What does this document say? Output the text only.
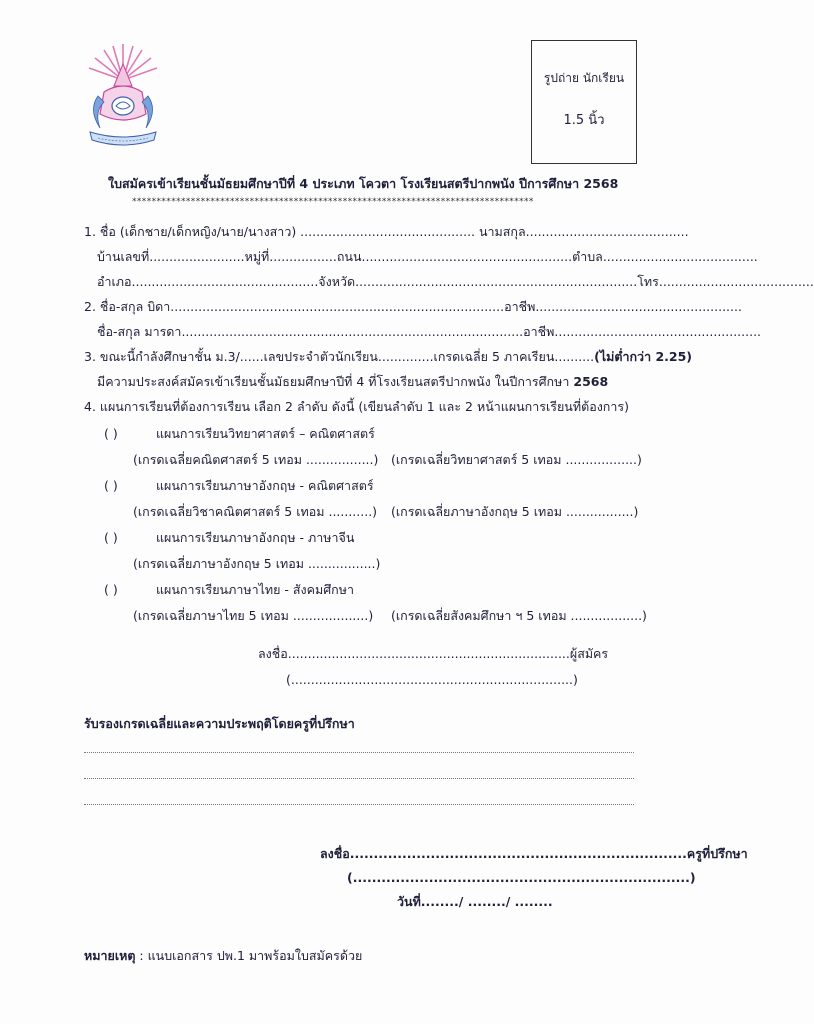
รูปถ่าย นักเรียน
1.5 นิ้ว
ใบสมัครเข้าเรียนชั้นมัธยมศึกษาปีที่ 4 ประเภท โควตา โรงเรียนสตรีปากพนัง ปีการศึกษา 2568
**********************************************************************************
1. ชื่อ (เด็กชาย/เด็กหญิง/นาย/นางสาว) ............................................ นามสกุล.........................................
บ้านเลขที่........................หมู่ที่.................ถนน.....................................................ตำบล.......................................
อำเภอ...............................................จังหวัด.......................................................................โทร.......................................
2. ชื่อ-สกุล บิดา....................................................................................อาชีพ....................................................
ชื่อ-สกุล มารดา......................................................................................อาชีพ....................................................
3. ขณะนี้กำลังศึกษาชั้น ม.3/......เลขประจำตัวนักเรียน..............เกรดเฉลี่ย 5 ภาคเรียน..........(ไม่ต่ำกว่า 2.25)
มีความประสงค์สมัครเข้าเรียนชั้นมัธยมศึกษาปีที่ 4 ที่โรงเรียนสตรีปากพนัง ในปีการศึกษา 2568
4. แผนการเรียนที่ต้องการเรียน เลือก 2 ลำดับ ดังนี้ (เขียนลำดับ 1 และ 2 หน้าแผนการเรียนที่ต้องการ)
( )	แผนการเรียนวิทยาศาสตร์ – คณิตศาสตร์
(เกรดเฉลี่ยคณิตศาสตร์ 5 เทอม .................) (เกรดเฉลี่ยวิทยาศาสตร์ 5 เทอม ..................)
( )	แผนการเรียนภาษาอังกฤษ - คณิตศาสตร์
(เกรดเฉลี่ยวิชาคณิตศาสตร์ 5 เทอม ...........) (เกรดเฉลี่ยภาษาอังกฤษ 5 เทอม .................)
( )	แผนการเรียนภาษาอังกฤษ - ภาษาจีน
(เกรดเฉลี่ยภาษาอังกฤษ 5 เทอม .................)
( )	แผนการเรียนภาษาไทย - สังคมศึกษา
(เกรดเฉลี่ยภาษาไทย 5 เทอม ...................) (เกรดเฉลี่ยสังคมศึกษา ฯ 5 เทอม ..................)
ลงชื่อ.......................................................................ผู้สมัคร
(.......................................................................)
รับรองเกรดเฉลี่ยและความประพฤติโดยครูที่ปรึกษา
ลงชื่อ.......................................................................ครูที่ปรึกษา
(.......................................................................)
วันที่......../ ......../ ........
หมายเหตุ : แนบเอกสาร ปพ.1 มาพร้อมใบสมัครด้วย
